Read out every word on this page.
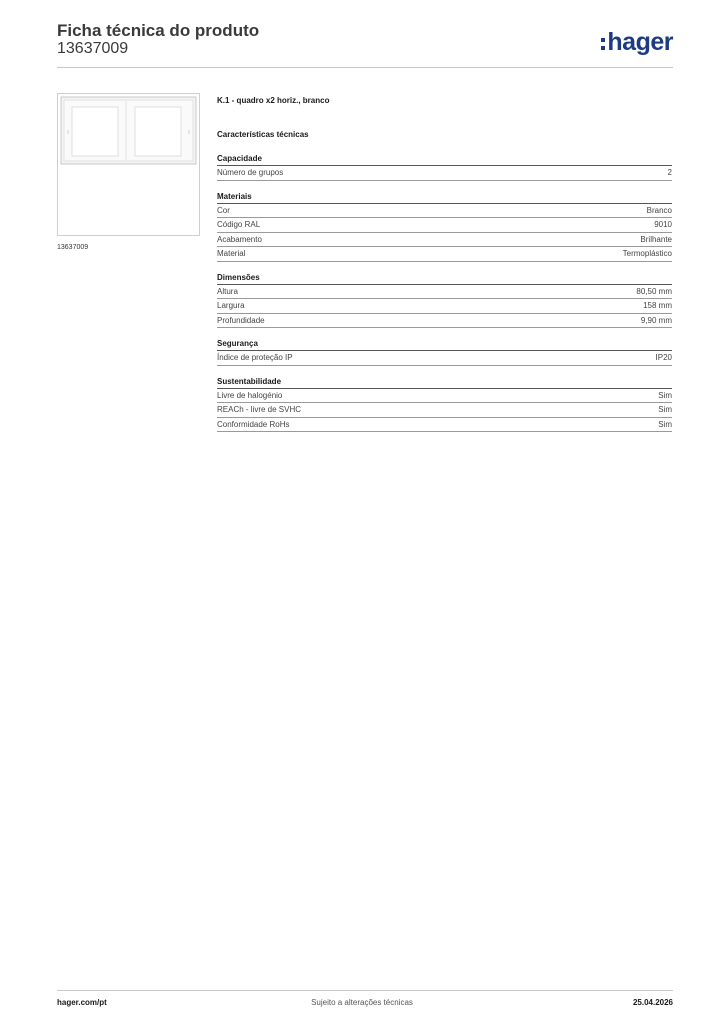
Ficha técnica do produto
13637009	hager
13637009
K.1 - quadro x2 horiz., branco
Características técnicas
Capacidade
Número de grupos	2
Materiais
Cor	Branco
Código RAL	9010
Acabamento	Brilhante
Material	Termoplástico
Dimensões
Altura	80,50 mm
Largura	158 mm
Profundidade	9,90 mm
Segurança
Índice de proteção IP	IP20
Sustentabilidade
Livre de halogénio	Sim
REACh - livre de SVHC	Sim
Conformidade RoHs	Sim
hager.com/pt	Sujeito a alterações técnicas	25.04.2026
